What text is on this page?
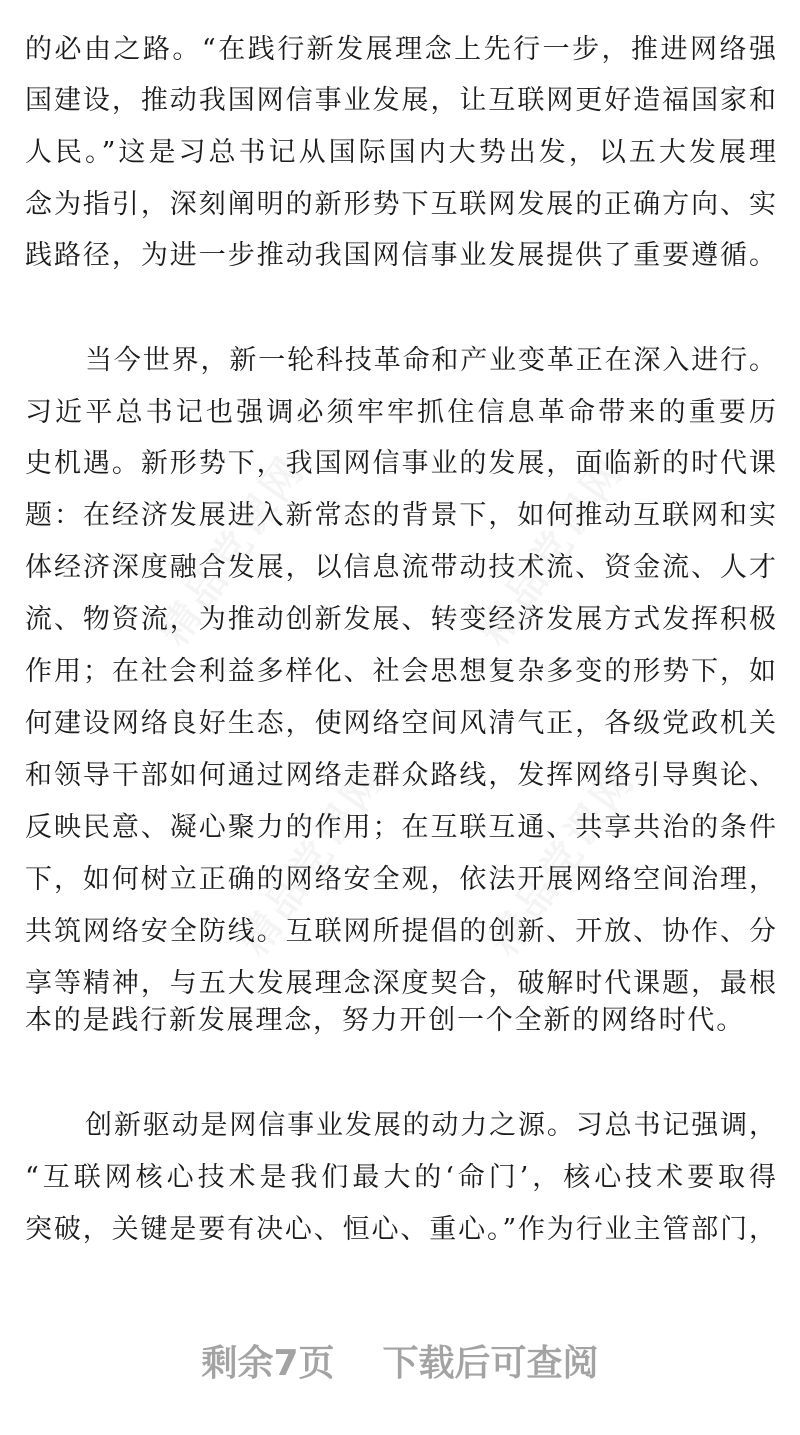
的必由之路。“在践行新发展理念上先行一步，推进网络强
国建设，推动我国网信事业发展，让互联网更好造福国家和
人民。”这是习总书记从国际国内大势出发，以五大发展理
念为指引，深刻阐明的新形势下互联网发展的正确方向、实
践路径，为进一步推动我国网信事业发展提供了重要遵循。
当今世界，新一轮科技革命和产业变革正在深入进行。
习近平总书记也强调必须牢牢抓住信息革命带来的重要历
史机遇。新形势下，我国网信事业的发展，面临新的时代课
题：在经济发展进入新常态的背景下，如何推动互联网和实
体经济深度融合发展，以信息流带动技术流、资金流、人才
流、物资流，为推动创新发展、转变经济发展方式发挥积极
作用；在社会利益多样化、社会思想复杂多变的形势下，如
何建设网络良好生态，使网络空间风清气正，各级党政机关
和领导干部如何通过网络走群众路线，发挥网络引导舆论、
反映民意、凝心聚力的作用；在互联互通、共享共治的条件
下，如何树立正确的网络安全观，依法开展网络空间治理，
共筑网络安全防线。互联网所提倡的创新、开放、协作、分
享等精神，与五大发展理念深度契合，破解时代课题，最根
本的是践行新发展理念，努力开创一个全新的网络时代。
创新驱动是网信事业发展的动力之源。习总书记强调，
“互联网核心技术是我们最大的‘命门’，核心技术要取得
突破，关键是要有决心、恒心、重心。”作为行业主管部门，
剩余7页 下载后可查阅
